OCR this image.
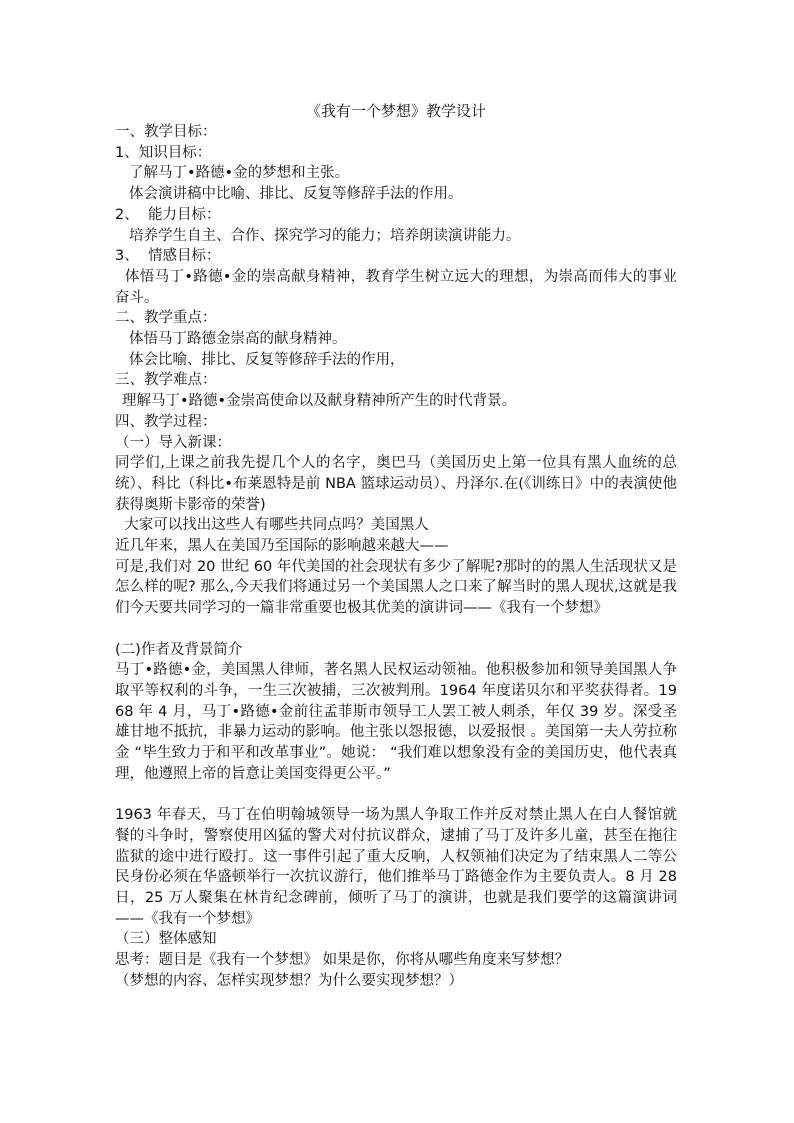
《我有一个梦想》教学设计

一、教学目标：

1、知识目标：

了解马丁•路德•金的梦想和主张。

体会演讲稿中比喻、排比、反复等修辞手法的作用。

2、  能力目标：

培养学生自主、合作、探究学习的能力；培养朗读演讲能力。

3、  情感目标：

体悟马丁•路德•金的崇高献身精神，教育学生树立远大的理想，为崇高而伟大的事业奋斗。

二、教学重点：

体悟马丁路德金崇高的献身精神。

体会比喻、排比、反复等修辞手法的作用，

三、教学难点：

理解马丁•路德•金崇高使命以及献身精神所产生的时代背景。

四、教学过程：

（一）导入新课：

同学们,上课之前我先提几个人的名字，奥巴马（美国历史上第一位具有黑人血统的总统）、科比（科比•布莱恩特是前 NBA 篮球运动员）、丹泽尔.在(《训练日》中的表演使他获得奥斯卡影帝的荣誉)

大家可以找出这些人有哪些共同点吗？美国黑人

近几年来，黑人在美国乃至国际的影响越来越大——

可是,我们对 20 世纪 60 年代美国的社会现状有多少了解呢?那时的的黑人生活现状又是怎么样的呢? 那么,今天我们将通过另一个美国黑人之口来了解当时的黑人现状,这就是我们今天要共同学习的一篇非常重要也极其优美的演讲词——《我有一个梦想》

(二)作者及背景简介

马丁•路德•金，美国黑人律师，著名黑人民权运动领袖。他积极参加和领导美国黑人争取平等权利的斗争，一生三次被捕，三次被判刑。1964 年度诺贝尔和平奖获得者。1968 年 4 月，马丁•路德•金前往孟菲斯市领导工人罢工被人刺杀，年仅 39 岁。深受圣雄甘地不抵抗，非暴力运动的影响。他主张以怨报德，以爱报恨 。美国第一夫人劳拉称金 “毕生致力于和平和改革事业”。她说： “我们难以想象没有金的美国历史，他代表真理，他遵照上帝的旨意让美国变得更公平。”

1963 年春天，马丁在伯明翰城领导一场为黑人争取工作并反对禁止黑人在白人餐馆就餐的斗争时，警察使用凶猛的警犬对付抗议群众，逮捕了马丁及许多儿童，甚至在拖往监狱的途中进行殴打。这一事件引起了重大反响，人权领袖们决定为了结束黑人二等公民身份必须在华盛顿举行一次抗议游行，他们推举马丁路德金作为主要负责人。8 月 28 日，25 万人聚集在林肯纪念碑前，倾听了马丁的演讲，也就是我们要学的这篇演讲词——《我有一个梦想》

（三）整体感知

思考：题目是《我有一个梦想》 如果是你，你将从哪些角度来写梦想？

（梦想的内容、怎样实现梦想？为什么要实现梦想？）
